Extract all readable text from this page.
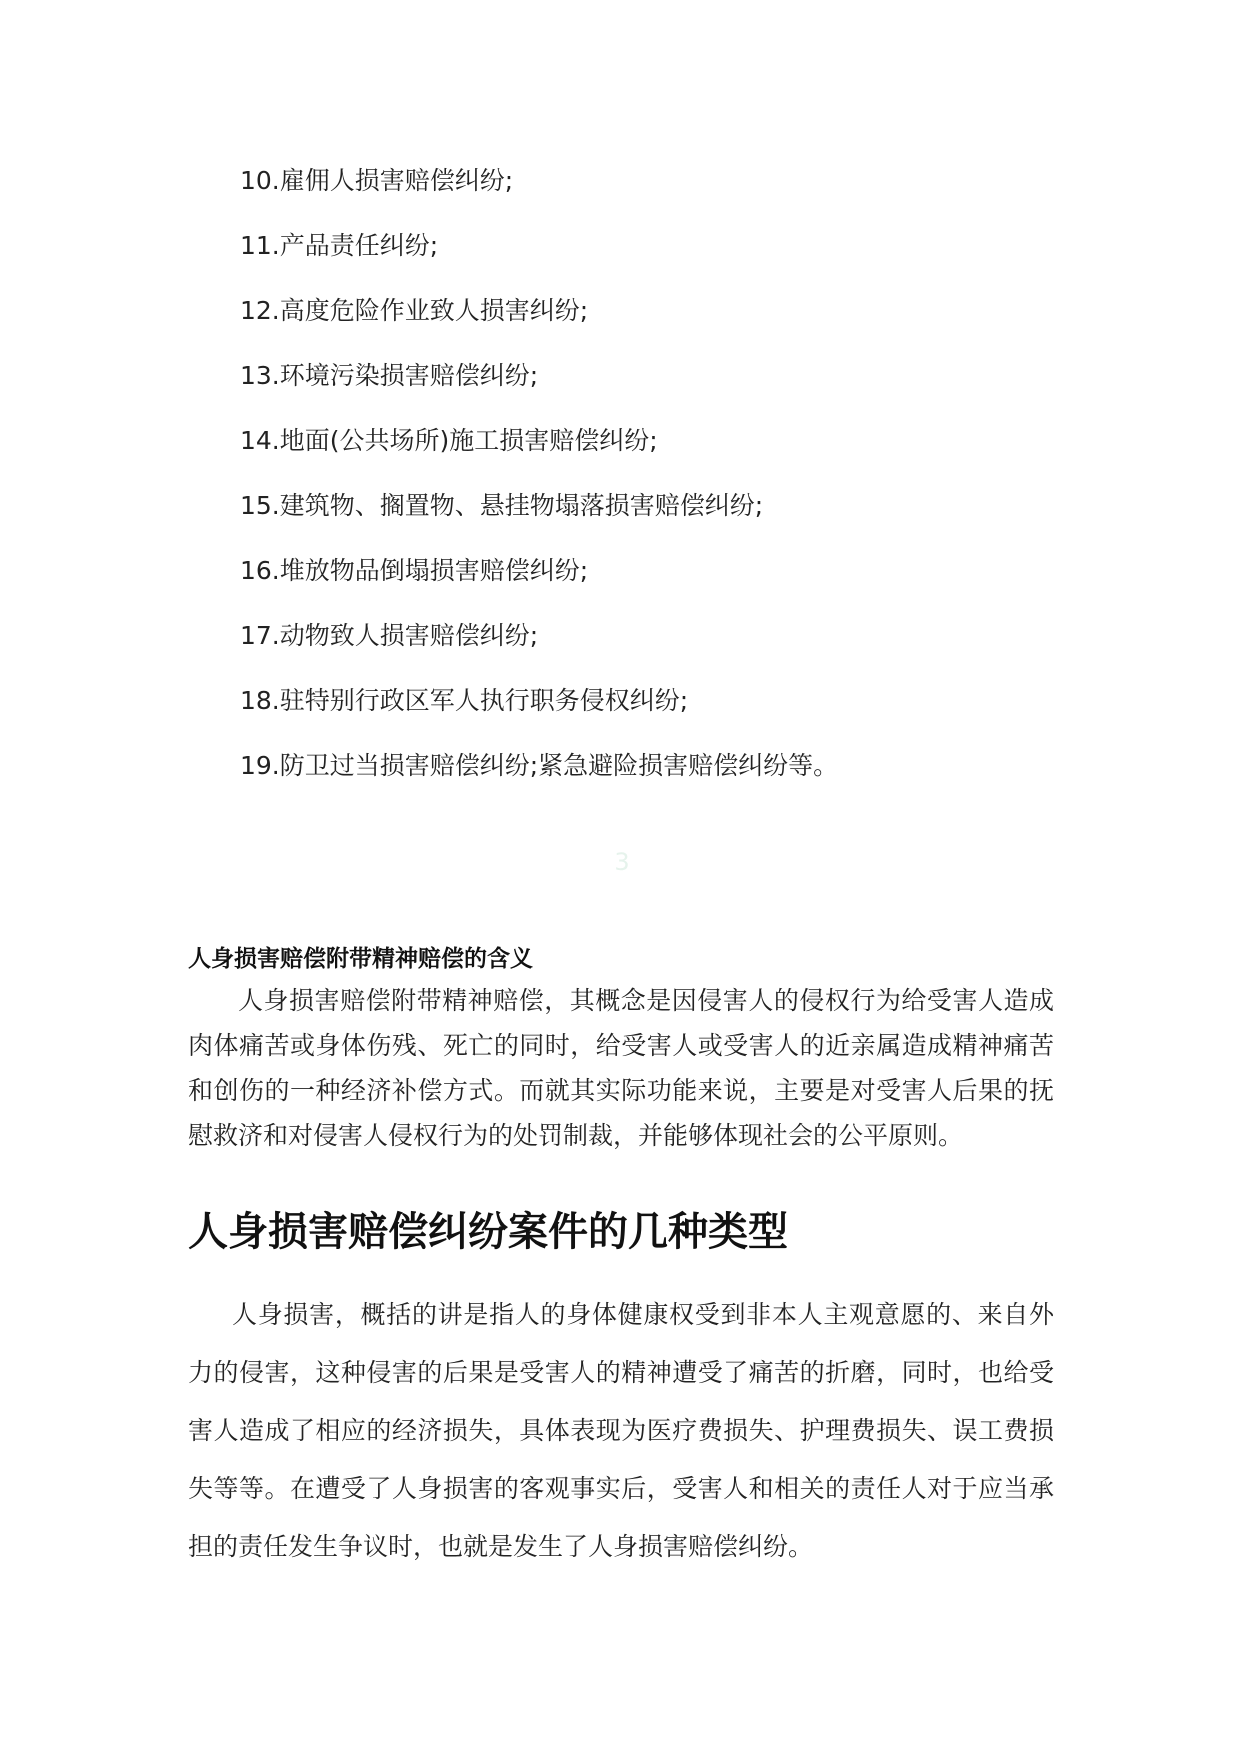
10.雇佣人损害赔偿纠纷;
11.产品责任纠纷;
12.高度危险作业致人损害纠纷;
13.环境污染损害赔偿纠纷;
14.地面(公共场所)施工损害赔偿纠纷;
15.建筑物、搁置物、悬挂物塌落损害赔偿纠纷;
16.堆放物品倒塌损害赔偿纠纷;
17.动物致人损害赔偿纠纷;
18.驻特别行政区军人执行职务侵权纠纷;
19.防卫过当损害赔偿纠纷;紧急避险损害赔偿纠纷等。
3
人身损害赔偿附带精神赔偿的含义
人身损害赔偿附带精神赔偿，其概念是因侵害人的侵权行为给受害人造成肉体痛苦或身体伤残、死亡的同时，给受害人或受害人的近亲属造成精神痛苦和创伤的一种经济补偿方式。而就其实际功能来说，主要是对受害人后果的抚慰救济和对侵害人侵权行为的处罚制裁，并能够体现社会的公平原则。
人身损害赔偿纠纷案件的几种类型
人身损害，概括的讲是指人的身体健康权受到非本人主观意愿的、来自外力的侵害，这种侵害的后果是受害人的精神遭受了痛苦的折磨，同时，也给受害人造成了相应的经济损失，具体表现为医疗费损失、护理费损失、误工费损失等等。在遭受了人身损害的客观事实后，受害人和相关的责任人对于应当承担的责任发生争议时，也就是发生了人身损害赔偿纠纷。
